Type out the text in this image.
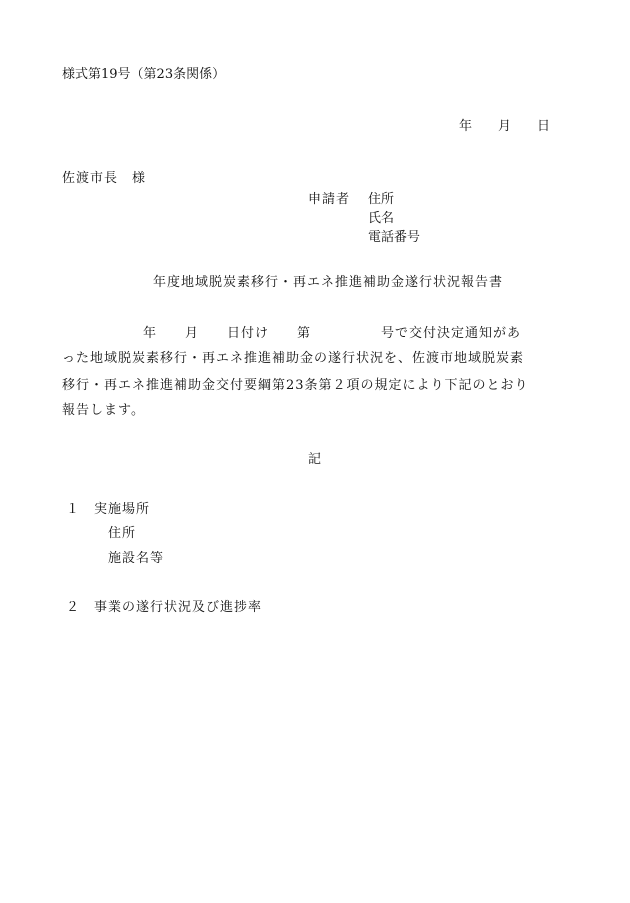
様式第19号（第23条関係）
年　　月　　日
佐渡市長　様
申請者 住所
氏名
電話番号
年度地域脱炭素移行・再エネ推進補助金遂行状況報告書
年　　月　　日付け　　第　　　　　号で交付決定通知があ
った地域脱炭素移行・再エネ推進補助金の遂行状況を、佐渡市地域脱炭素
移行・再エネ推進補助金交付要綱第23条第２項の規定により下記のとおり
報告します。
記
１ 実施場所
住所
施設名等
２ 事業の遂行状況及び進捗率
